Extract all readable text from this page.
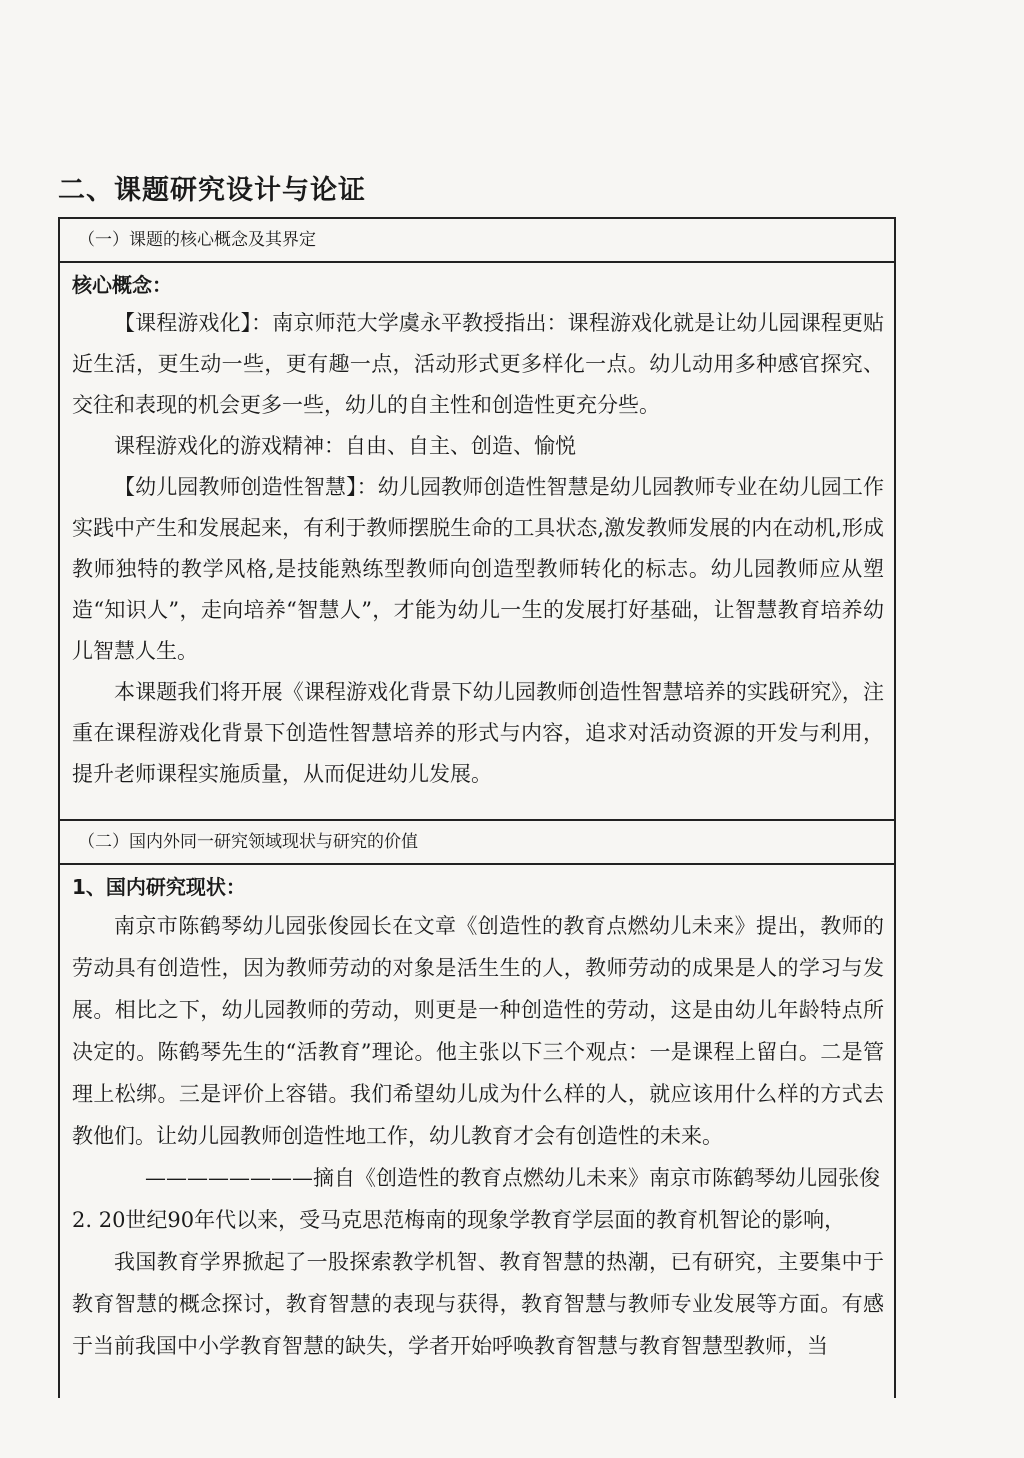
二、课题研究设计与论证
（一）课题的核心概念及其界定
核心概念：

【课程游戏化】：南京师范大学虞永平教授指出：课程游戏化就是让幼儿园课程更贴近生活，更生动一些，更有趣一点，活动形式更多样化一点。幼儿动用多种感官探究、交往和表现的机会更多一些，幼儿的自主性和创造性更充分些。

课程游戏化的游戏精神：自由、自主、创造、愉悦

【幼儿园教师创造性智慧】：幼儿园教师创造性智慧是幼儿园教师专业在幼儿园工作实践中产生和发展起来，有利于教师摆脱生命的工具状态,激发教师发展的内在动机,形成教师独特的教学风格,是技能熟练型教师向创造型教师转化的标志。幼儿园教师应从塑造“知识人”，走向培养“智慧人”，才能为幼儿一生的发展打好基础，让智慧教育培养幼儿智慧人生。

本课题我们将开展《课程游戏化背景下幼儿园教师创造性智慧培养的实践研究》，注重在课程游戏化背景下创造性智慧培养的形式与内容，追求对活动资源的开发与利用，提升老师课程实施质量，从而促进幼儿发展。

（二）国内外同一研究领域现状与研究的价值
1、国内研究现状：

南京市陈鹤琴幼儿园张俊园长在文章《创造性的教育点燃幼儿未来》提出，教师的劳动具有创造性，因为教师劳动的对象是活生生的人，教师劳动的成果是人的学习与发展。相比之下，幼儿园教师的劳动，则更是一种创造性的劳动，这是由幼儿年龄特点所决定的。陈鹤琴先生的“活教育”理论。他主张以下三个观点：一是课程上留白。二是管理上松绑。三是评价上容错。我们希望幼儿成为什么样的人，就应该用什么样的方式去教他们。让幼儿园教师创造性地工作，幼儿教育才会有创造性的未来。

————————摘自《创造性的教育点燃幼儿未来》南京市陈鹤琴幼儿园张俊

2. 20世纪90年代以来，受马克思范梅南的现象学教育学层面的教育机智论的影响，

我国教育学界掀起了一股探索教学机智、教育智慧的热潮，已有研究，主要集中于教育智慧的概念探讨，教育智慧的表现与获得，教育智慧与教师专业发展等方面。有感于当前我国中小学教育智慧的缺失，学者开始呼唤教育智慧与教育智慧型教师，当
